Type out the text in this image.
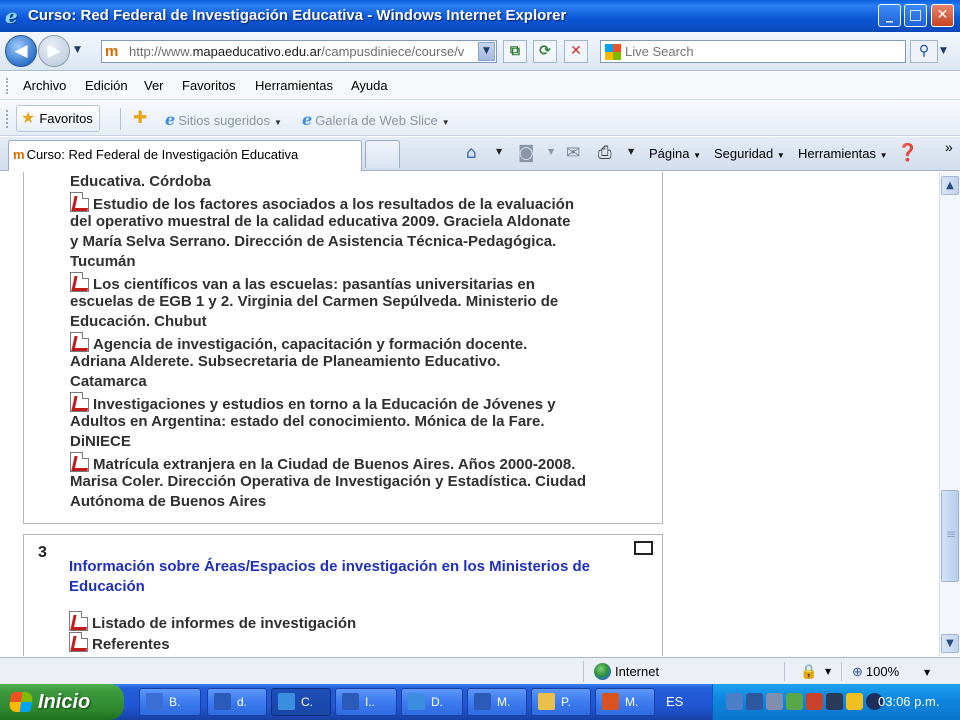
e Curso: Red Federal de Investigación Educativa - Windows Internet Explorer	_	□	✕
◀	▶	▼ m http://www.mapaeducativo.edu.ar/campusdiniece/course/v	▼	⧉	⟳	✕
Live Search	⚲	▼
Archivo Edición Ver Favoritos Herramientas Ayuda
★ Favoritos	✚ e Sitios sugeridos ▼ e Galería de Web Slice ▼
m Curso: Red Federal de Investigación Educativa	⌂ ▼ ◙ ▼ ✉ ⎙ ▼ Página ▼ Seguridad ▼ Herramientas ▼ ❓ »
Educativa. Córdoba
Estudio de los factores asociados a los resultados de la evaluación
del operativo muestral de la calidad educativa 2009. Graciela Aldonate
y María Selva Serrano. Dirección de Asistencia Técnica-Pedagógica.
Tucumán
Los científicos van a las escuelas: pasantías universitarias en
escuelas de EGB 1 y 2. Virginia del Carmen Sepúlveda. Ministerio de
Educación. Chubut
Agencia de investigación, capacitación y formación docente.
Adriana Alderete. Subsecretaria de Planeamiento Educativo.
Catamarca
Investigaciones y estudios en torno a la Educación de Jóvenes y
Adultos en Argentina: estado del conocimiento. Mónica de la Fare.
DiNIECE
Matrícula extranjera en la Ciudad de Buenos Aires. Años 2000-2008.
Marisa Coler. Dirección Operativa de Investigación y Estadística. Ciudad
Autónoma de Buenos Aires
3
Información sobre Áreas/Espacios de investigación en los Ministerios de Educación
Listado de informes de investigación
Referentes
▲
≡
▼
Internet	🔒 ▼ ⊕ 100%	▼
Inicio	B.	d.	C.	I..	D.	M.	P.	M.	ES	03:06 p.m.
